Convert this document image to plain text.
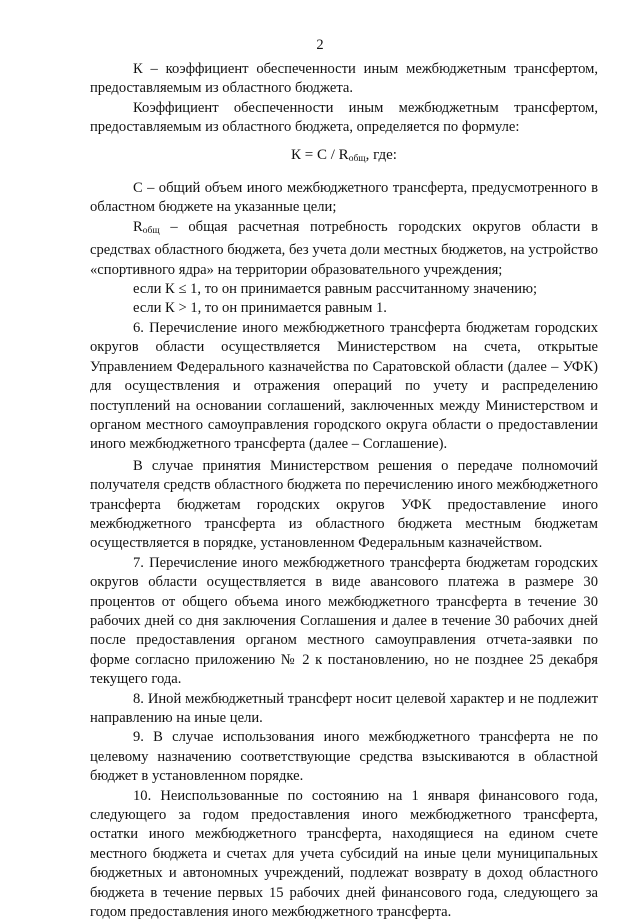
2

К – коэффициент обеспеченности иным межбюджетным трансфертом, предоставляемым из областного бюджета.

Коэффициент обеспеченности иным межбюджетным трансфертом, предоставляемым из областного бюджета, определяется по формуле:

$К = С / R_{общ}$, где:

С – общий объем иного межбюджетного трансферта, предусмотренного в областном бюджете на указанные цели;

$R_{общ}$ – общая расчетная потребность городских округов области в средствах областного бюджета, без учета доли местных бюджетов, на устройство «спортивного ядра» на территории образовательного учреждения;

если К ≤ 1, то он принимается равным рассчитанному значению;

если К > 1, то он принимается равным 1.

6. Перечисление иного межбюджетного трансферта бюджетам городских округов области осуществляется Министерством на счета, открытые Управлением Федерального казначейства по Саратовской области (далее – УФК) для осуществления и отражения операций по учету и распределению поступлений на основании соглашений, заключенных между Министерством и органом местного самоуправления городского округа области о предоставлении иного межбюджетного трансферта (далее – Соглашение).

В случае принятия Министерством решения о передаче полномочий получателя средств областного бюджета по перечислению иного межбюджетного трансферта бюджетам городских округов УФК предоставление иного межбюджетного трансферта из областного бюджета местным бюджетам осуществляется в порядке, установленном Федеральным казначейством.

7. Перечисление иного межбюджетного трансферта бюджетам городских округов области осуществляется в виде авансового платежа в размере 30 процентов от общего объема иного межбюджетного трансферта в течение 30 рабочих дней со дня заключения Соглашения и далее в течение 30 рабочих дней после предоставления органом местного самоуправления отчета-заявки по форме согласно приложению № 2 к постановлению, но не позднее 25 декабря текущего года.

8. Иной межбюджетный трансферт носит целевой характер и не подлежит направлению на иные цели.

9. В случае использования иного межбюджетного трансферта не по целевому назначению соответствующие средства взыскиваются в областной бюджет в установленном порядке.

10. Неиспользованные по состоянию на 1 января финансового года, следующего за годом предоставления иного межбюджетного трансферта, остатки иного межбюджетного трансферта, находящиеся на едином счете местного бюджета и счетах для учета субсидий на иные цели муниципальных бюджетных и автономных учреждений, подлежат возврату в доход областного бюджета в течение первых 15 рабочих дней финансового года, следующего за годом предоставления иного межбюджетного трансферта.
